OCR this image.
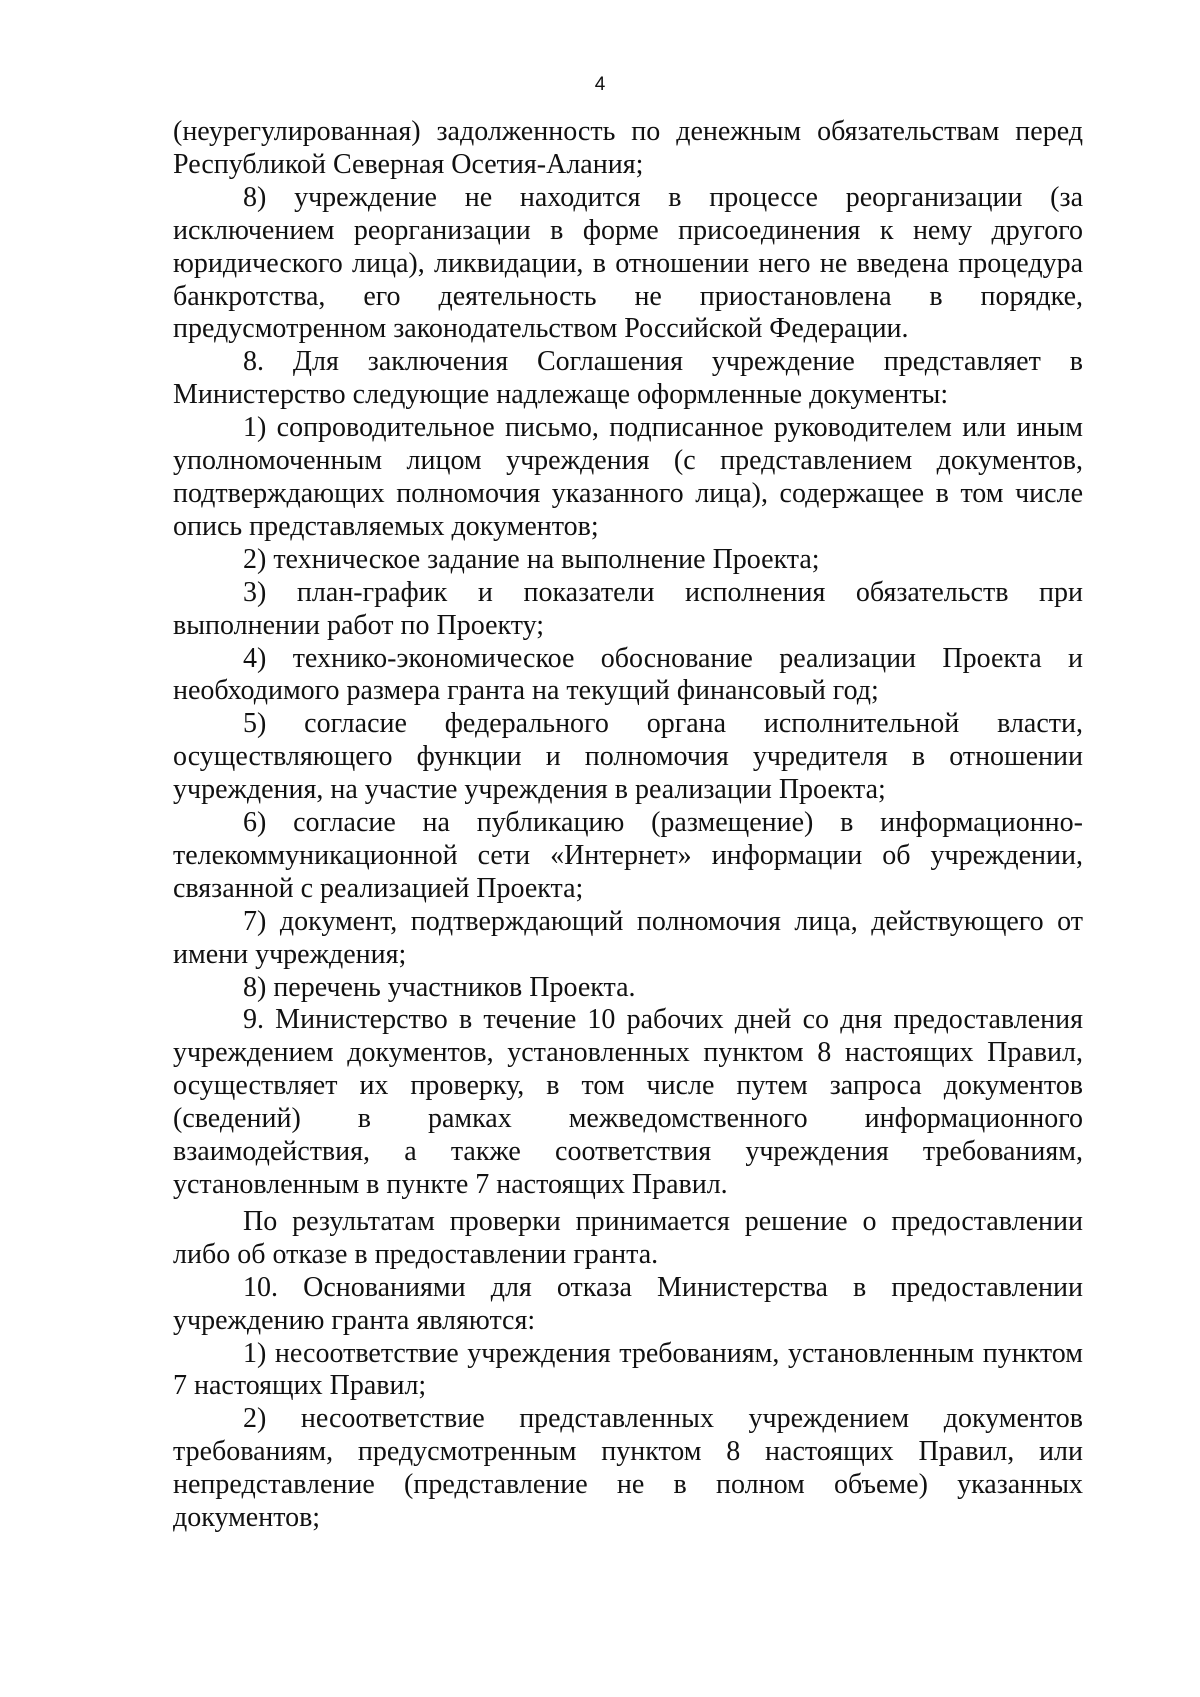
4

(неурегулированная) задолженность по денежным обязательствам перед Республикой Северная Осетия-Алания;

8) учреждение не находится в процессе реорганизации (за исключением реорганизации в форме присоединения к нему другого юридического лица), ликвидации, в отношении него не введена процедура банкротства, его деятельность не приостановлена в порядке, предусмотренном законодательством Российской Федерации.

8. Для заключения Соглашения учреждение представляет в Министерство следующие надлежаще оформленные документы:

1) сопроводительное письмо, подписанное руководителем или иным уполномоченным лицом учреждения (с представлением документов, подтверждающих полномочия указанного лица), содержащее в том числе опись представляемых документов;

2) техническое задание на выполнение Проекта;

3) план-график и показатели исполнения обязательств при выполнении работ по Проекту;

4) технико-экономическое обоснование реализации Проекта и необходимого размера гранта на текущий финансовый год;

5) согласие федерального органа исполнительной власти, осуществляющего функции и полномочия учредителя в отношении учреждения, на участие учреждения в реализации Проекта;

6) согласие на публикацию (размещение) в информационно-телекоммуникационной сети «Интернет» информации об учреждении, связанной с реализацией Проекта;

7) документ, подтверждающий полномочия лица, действующего от имени учреждения;

8) перечень участников Проекта.

9. Министерство в течение 10 рабочих дней со дня предоставления учреждением документов, установленных пунктом 8 настоящих Правил, осуществляет их проверку, в том числе путем запроса документов (сведений) в рамках межведомственного информационного взаимодействия, а также соответствия учреждения требованиям, установленным в пункте 7 настоящих Правил.

По результатам проверки принимается решение о предоставлении либо об отказе в предоставлении гранта.

10. Основаниями для отказа Министерства в предоставлении учреждению гранта являются:

1) несоответствие учреждения требованиям, установленным пунктом 7 настоящих Правил;

2) несоответствие представленных учреждением документов требованиям, предусмотренным пунктом 8 настоящих Правил, или непредставление (представление не в полном объеме) указанных документов;
